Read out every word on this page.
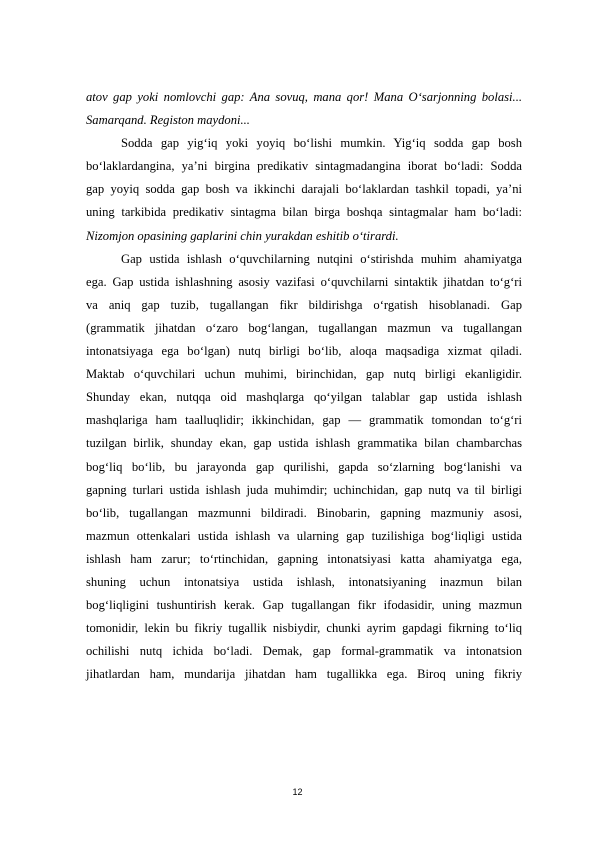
atov gap yoki nomlovchi gap: Ana sovuq, mana qor! Mana O‘sarjonning bolasi...
Samarqand. Registon maydoni...
Sodda gap yig‘iq yoki yoyiq bo‘lishi mumkin. Yig‘iq sodda gap bosh
bo‘laklardangina, ya’ni birgina predikativ sintagmadangina iborat bo‘ladi: Sodda
gap yoyiq sodda gap bosh va ikkinchi darajali bo‘laklardan tashkil topadi, ya’ni
uning tarkibida predikativ sintagma bilan birga boshqa sintagmalar ham bo‘ladi:
Nizomjon opasining gaplarini chin yurakdan eshitib o‘tirardi.
Gap ustida ishlash o‘quvchilarning nutqini o‘stirishda muhim ahamiyatga
ega. Gap ustida ishlashning asosiy vazifasi o‘quvchilarni sintaktik jihatdan to‘g‘ri
va aniq gap tuzib, tugallangan fikr bildirishga o‘rgatish hisoblanadi. Gap
(grammatik jihatdan o‘zaro bog‘langan, tugallangan mazmun va tugallangan
intonatsiyaga ega bo‘lgan) nutq birligi bo‘lib, aloqa maqsadiga xizmat qiladi.
Maktab o‘quvchilari uchun muhimi, birinchidan, gap nutq birligi ekanligidir.
Shunday ekan, nutqqa oid mashqlarga qo‘yilgan talablar gap ustida ishlash
mashqlariga ham taalluqlidir; ikkinchidan, gap — grammatik tomondan to‘g‘ri
tuzilgan birlik, shunday ekan, gap ustida ishlash grammatika bilan chambarchas
bog‘liq bo‘lib, bu jarayonda gap qurilishi, gapda so‘zlarning bog‘lanishi va
gapning turlari ustida ishlash juda muhimdir; uchinchidan, gap nutq va til birligi
bo‘lib, tugallangan mazmunni bildiradi. Binobarin, gapning mazmuniy asosi,
mazmun ottenkalari ustida ishlash va ularning gap tuzilishiga bog‘liqligi ustida
ishlash ham zarur; to‘rtinchidan, gapning intonatsiyasi katta ahamiyatga ega,
shuning uchun intonatsiya ustida ishlash, intonatsiyaning inazmun bilan
bog‘liqligini tushuntirish kerak. Gap tugallangan fikr ifodasidir, uning mazmun
tomonidir, lekin bu fikriy tugallik nisbiydir, chunki ayrim gapdagi fikrning to‘liq
ochilishi nutq ichida bo‘ladi. Demak, gap formal-grammatik va intonatsion
jihatlardan ham, mundarija jihatdan ham tugallikka ega. Biroq uning fikriy
12
